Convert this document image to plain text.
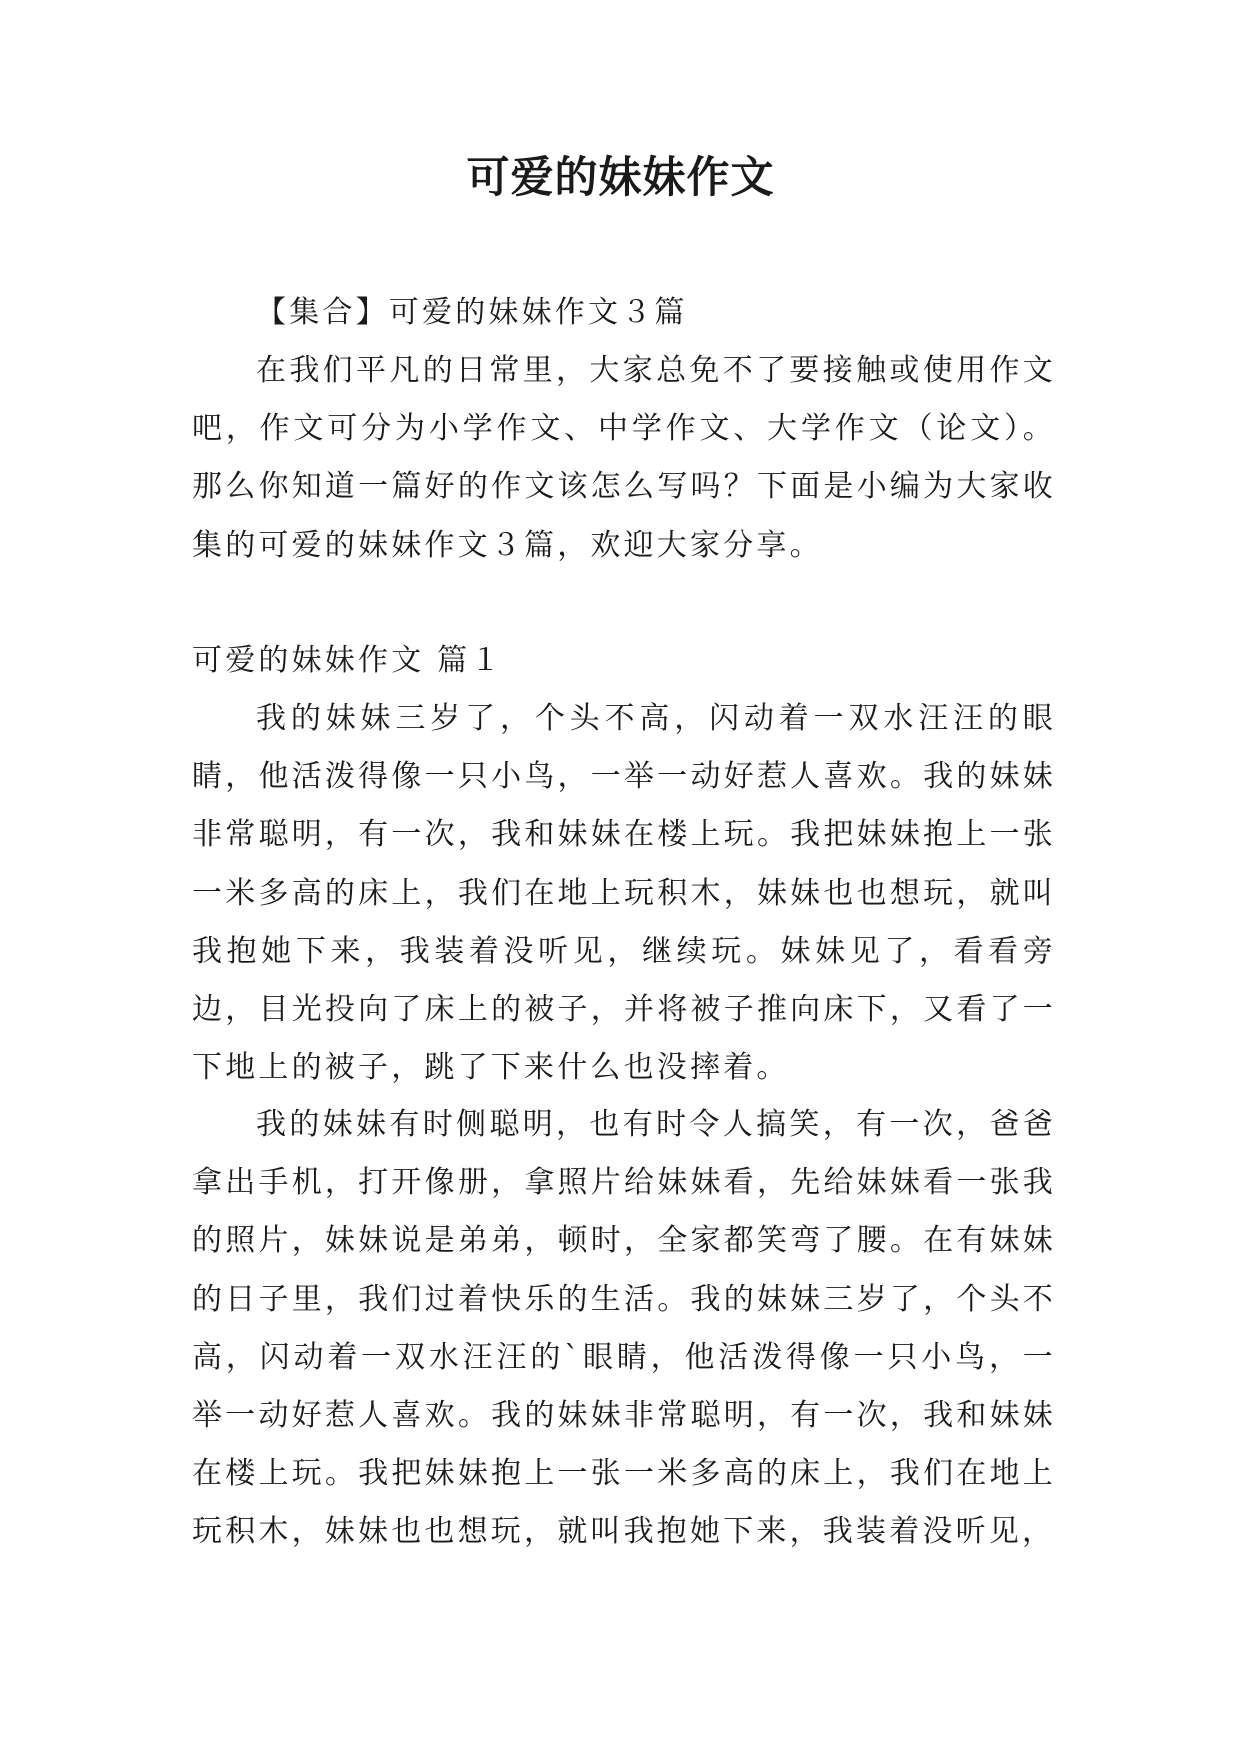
可爱的妹妹作文
【集合】可爱的妹妹作文３篇

在我们平凡的日常里，大家总免不了要接触或使用作文吧，作文可分为小学作文、中学作文、大学作文（论文）。那么你知道一篇好的作文该怎么写吗？下面是小编为大家收集的可爱的妹妹作文３篇，欢迎大家分享。

可爱的妹妹作文 篇１

我的妹妹三岁了，个头不高，闪动着一双水汪汪的眼睛，他活泼得像一只小鸟，一举一动好惹人喜欢。我的妹妹非常聪明，有一次，我和妹妹在楼上玩。我把妹妹抱上一张一米多高的床上，我们在地上玩积木，妹妹也也想玩，就叫我抱她下来，我装着没听见，继续玩。妹妹见了，看看旁边，目光投向了床上的被子，并将被子推向床下，又看了一下地上的被子，跳了下来什么也没摔着。

我的妹妹有时侧聪明，也有时令人搞笑，有一次，爸爸拿出手机，打开像册，拿照片给妹妹看，先给妹妹看一张我的照片，妹妹说是弟弟，顿时，全家都笑弯了腰。在有妹妹的日子里，我们过着快乐的生活。我的妹妹三岁了，个头不高，闪动着一双水汪汪的`眼睛，他活泼得像一只小鸟，一举一动好惹人喜欢。我的妹妹非常聪明，有一次，我和妹妹在楼上玩。我把妹妹抱上一张一米多高的床上，我们在地上玩积木，妹妹也也想玩，就叫我抱她下来，我装着没听见，
